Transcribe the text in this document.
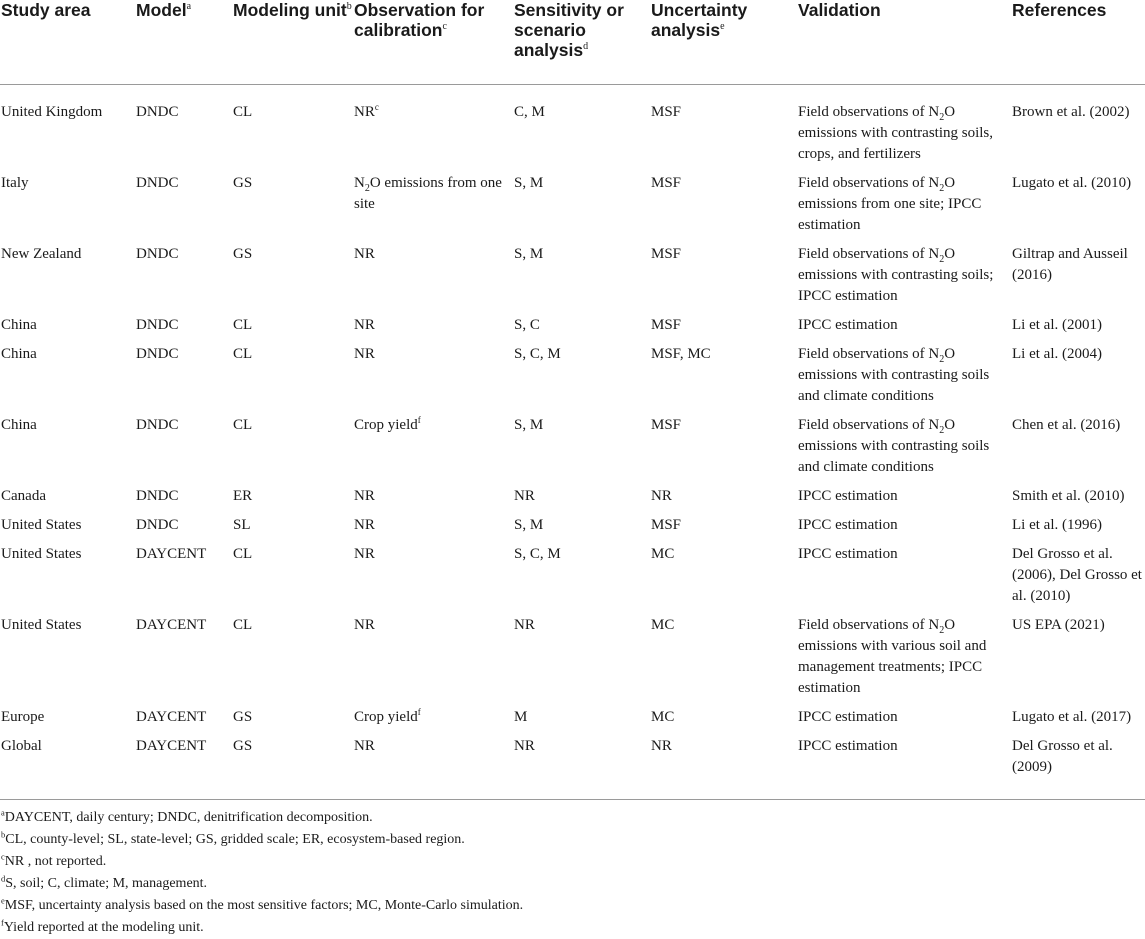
Study area	Model$^a$	Modeling unit$^b$	Observation for calibration$^c$	Sensitivity or scenario analysis$^d$	Uncertainty analysis$^e$	Validation	References
United Kingdom	DNDC	CL	$NR^c$	C, M	MSF	Field observations of $N_2O$ emissions with contrasting soils, crops, and fertilizers	Brown et al. (2002)
Italy	DNDC	GS	$N_2O$ emissions from one site	S, M	MSF	Field observations of $N_2O$ emissions from one site; IPCC estimation	Lugato et al. (2010)
New Zealand	DNDC	GS	NR	S, M	MSF	Field observations of $N_2O$ emissions with contrasting soils; IPCC estimation	Giltrap and Ausseil (2016)
China	DNDC	CL	NR	S, C	MSF	IPCC estimation	Li et al. (2001)
China	DNDC	CL	NR	S, C, M	MSF, MC	Field observations of $N_2O$ emissions with contrasting soils and climate conditions	Li et al. (2004)
China	DNDC	CL	Crop yield$^f$	S, M	MSF	Field observations of $N_2O$ emissions with contrasting soils and climate conditions	Chen et al. (2016)
Canada	DNDC	ER	NR	NR	NR	IPCC estimation	Smith et al. (2010)
United States	DNDC	SL	NR	S, M	MSF	IPCC estimation	Li et al. (1996)
United States	DAYCENT	CL	NR	S, C, M	MC	IPCC estimation	Del Grosso et al. (2006), Del Grosso et al. (2010)
United States	DAYCENT	CL	NR	NR	MC	Field observations of $N_2O$ emissions with various soil and management treatments; IPCC estimation	US EPA (2021)
Europe	DAYCENT	GS	Crop yield$^f$	M	MC	IPCC estimation	Lugato et al. (2017)
Global	DAYCENT	GS	NR	NR	NR	IPCC estimation	Del Grosso et al. (2009)
$^a$DAYCENT, daily century; DNDC, denitrification decomposition.
$^b$CL, county-level; SL, state-level; GS, gridded scale; ER, ecosystem-based region.
$^c$NR , not reported.
$^d$S, soil; C, climate; M, management.
$^e$MSF, uncertainty analysis based on the most sensitive factors; MC, Monte-Carlo simulation.
$^f$Yield reported at the modeling unit.
